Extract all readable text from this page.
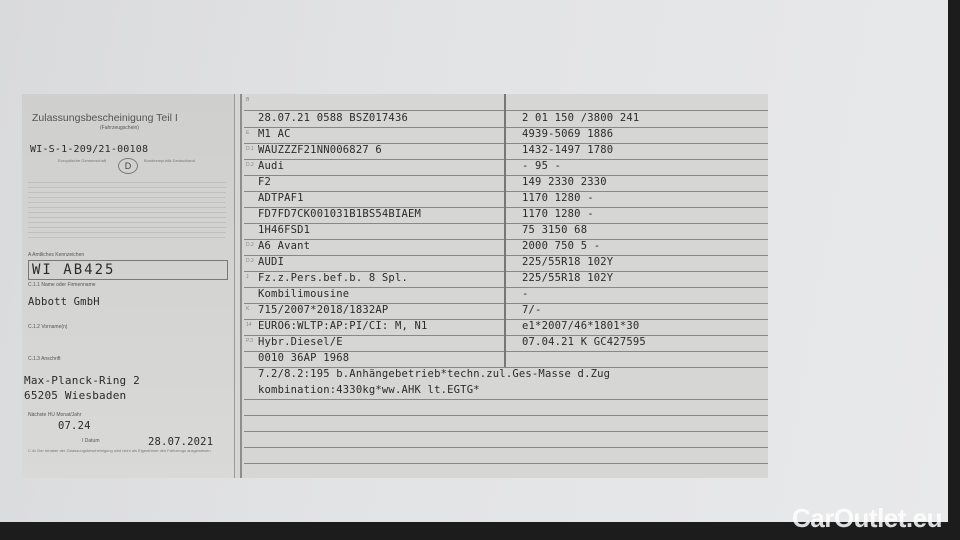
Zulassungsbescheinigung Teil I
(Fahrzeugschein)
WI-S-1-209/21-00108
Europäische Gemeinschaft
D
Bundesrepublik Deutschland
A Amtliches Kennzeichen
WI AB425
C.1.1 Name oder Firmenname
Abbott GmbH
C.1.2 Vorname(n)
C.1.3 Anschrift
Max-Planck-Ring 2
65205 Wiesbaden
Nächste HU Monat/Jahr
07.24
I Datum	28.07.2021
C.4c Der Inhaber der Zulassungsbescheinigung wird nicht als Eigentümer des Fahrzeugs ausgewiesen
B
E
D.1
D.2
D.2
D.3
J
K
14
P.3
28.07.21 0588 BSZ017436
M1 AC
WAUZZZF21NN006827 6
Audi
F2
ADTPAF1
FD7FD7CK001031B1BS54BIAEM
1H46FSD1
A6 Avant
AUDI
Fz.z.Pers.bef.b. 8 Spl.
Kombilimousine
715/2007*2018/1832AP
EURO6:WLTP:AP:PI/CI: M, N1
Hybr.Diesel/E
0010 36AP 1968
2 01 150 /3800 241
4939-5069 1886
1432-1497 1780
- 95 -
149 2330 2330
1170 1280 -
1170 1280 -
75 3150 68
2000 750 5 -
225/55R18 102Y
225/55R18 102Y
-
7/-
e1*2007/46*1801*30
07.04.21 K GC427595
7.2/8.2:195 b.Anhängebetrieb*techn.zul.Ges-Masse d.Zug
kombination:4330kg*ww.AHK lt.EGTG*
CarOutlet.eu
